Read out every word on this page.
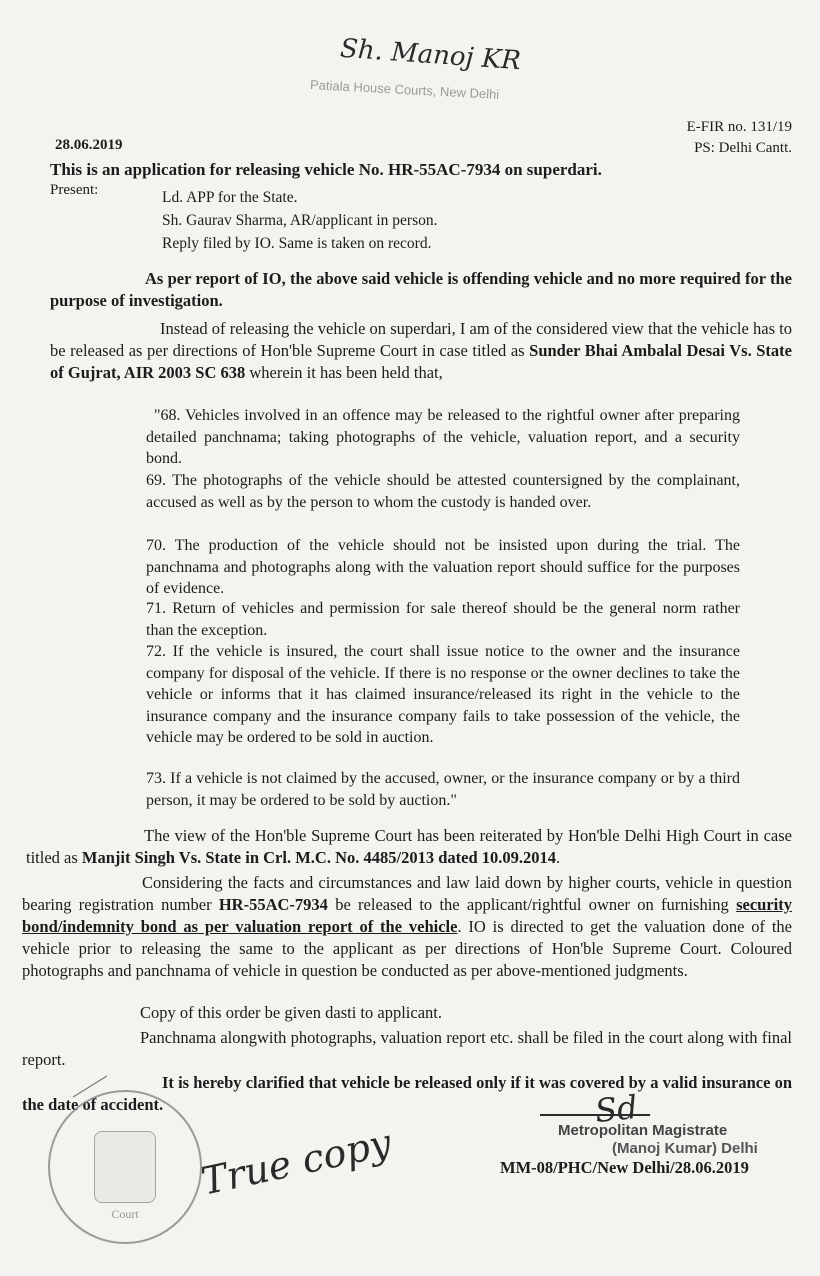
Sh. Manoj KR
Patiala House Courts, New Delhi
E-FIR no. 131/19
PS: Delhi Cantt.
28.06.2019
This is an application for releasing vehicle No. HR-55AC-7934 on superdari.
Present:	Ld. APP for the State.
Sh. Gaurav Sharma, AR/applicant in person.
Reply filed by IO. Same is taken on record.
As per report of IO, the above said vehicle is offending vehicle and no more required for the purpose of investigation.
Instead of releasing the vehicle on superdari, I am of the considered view that the vehicle has to be released as per directions of Hon'ble Supreme Court in case titled as Sunder Bhai Ambalal Desai Vs. State of Gujrat, AIR 2003 SC 638 wherein it has been held that,
"68. Vehicles involved in an offence may be released to the rightful owner after preparing detailed panchnama; taking photographs of the vehicle, valuation report, and a security bond.
69. The photographs of the vehicle should be attested countersigned by the complainant, accused as well as by the person to whom the custody is handed over.
70. The production of the vehicle should not be insisted upon during the trial. The panchnama and photographs along with the valuation report should suffice for the purposes of evidence.
71. Return of vehicles and permission for sale thereof should be the general norm rather than the exception.
72. If the vehicle is insured, the court shall issue notice to the owner and the insurance company for disposal of the vehicle. If there is no response or the owner declines to take the vehicle or informs that it has claimed insurance/released its right in the vehicle to the insurance company and the insurance company fails to take possession of the vehicle, the vehicle may be ordered to be sold in auction.
73. If a vehicle is not claimed by the accused, owner, or the insurance company or by a third person, it may be ordered to be sold by auction."
The view of the Hon'ble Supreme Court has been reiterated by Hon'ble Delhi High Court in case titled as Manjit Singh Vs. State in Crl. M.C. No. 4485/2013 dated 10.09.2014.
Considering the facts and circumstances and law laid down by higher courts, vehicle in question bearing registration number HR-55AC-7934 be released to the applicant/rightful owner on furnishing security bond/indemnity bond as per valuation report of the vehicle. IO is directed to get the valuation done of the vehicle prior to releasing the same to the applicant as per directions of Hon'ble Supreme Court. Coloured photographs and panchnama of vehicle in question be conducted as per above-mentioned judgments.
Copy of this order be given dasti to applicant.
Panchnama alongwith photographs, valuation report etc. shall be filed in the court along with final report.
It is hereby clarified that vehicle be released only if it was covered by a valid insurance on the date of accident.
Court
True copy
Sd
Metropolitan Magistrate
(Manoj Kumar) Delhi
MM-08/PHC/New Delhi/28.06.2019
